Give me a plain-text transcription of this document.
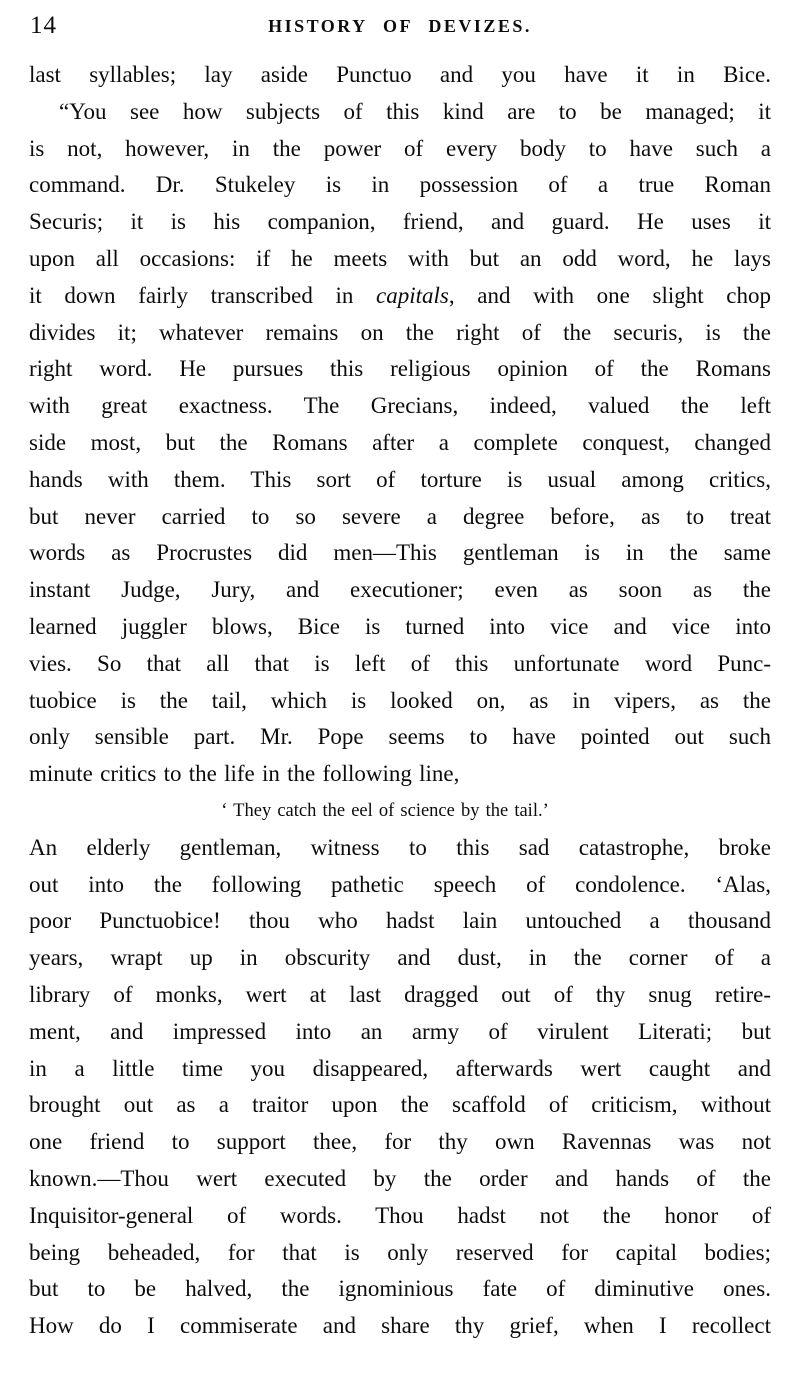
14	HISTORY OF DEVIZES.
last syllables; lay aside Punctuo and you have it in Bice.
“You see how subjects of this kind are to be managed; it
is not, however, in the power of every body to have such a
command. Dr. Stukeley is in possession of a true Roman
Securis; it is his companion, friend, and guard. He uses it
upon all occasions: if he meets with but an odd word, he lays
it down fairly transcribed in capitals, and with one slight chop
divides it; whatever remains on the right of the securis, is the
right word. He pursues this religious opinion of the Romans
with great exactness. The Grecians, indeed, valued the left
side most, but the Romans after a complete conquest, changed
hands with them. This sort of torture is usual among critics,
but never carried to so severe a degree before, as to treat
words as Procrustes did men—This gentleman is in the same
instant Judge, Jury, and executioner; even as soon as the
learned juggler blows, Bice is turned into vice and vice into
vies. So that all that is left of this unfortunate word Punc-
tuobice is the tail, which is looked on, as in vipers, as the
only sensible part. Mr. Pope seems to have pointed out such
minute critics to the life in the following line,
‘ They catch the eel of science by the tail.’
An elderly gentleman, witness to this sad catastrophe, broke
out into the following pathetic speech of condolence. ‘Alas,
poor Punctuobice! thou who hadst lain untouched a thousand
years, wrapt up in obscurity and dust, in the corner of a
library of monks, wert at last dragged out of thy snug retire-
ment, and impressed into an army of virulent Literati; but
in a little time you disappeared, afterwards wert caught and
brought out as a traitor upon the scaffold of criticism, without
one friend to support thee, for thy own Ravennas was not
known.—Thou wert executed by the order and hands of the
Inquisitor-general of words. Thou hadst not the honor of
being beheaded, for that is only reserved for capital bodies;
but to be halved, the ignominious fate of diminutive ones.
How do I commiserate and share thy grief, when I recollect
